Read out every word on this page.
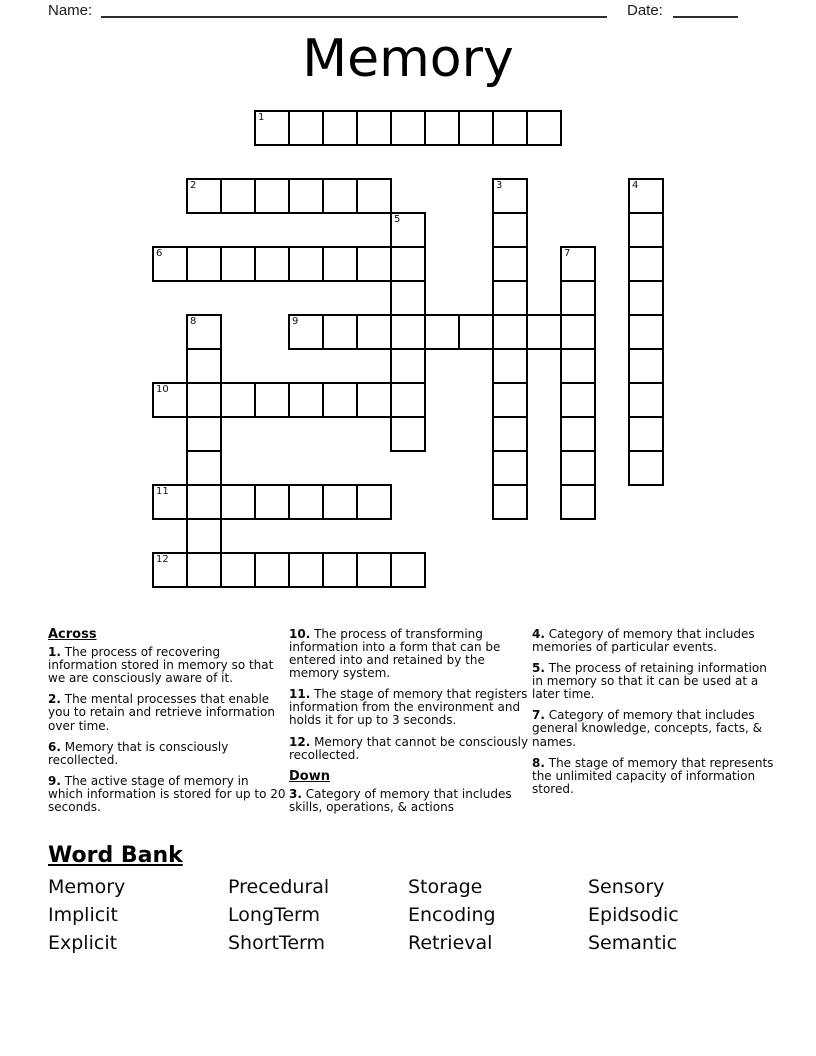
Name:	Date:
Memory
1
2	3	4
5
6	7
8	9
10
11
12
Across

1. The process of recovering information stored in memory so that we are consciously aware of it.

2. The mental processes that enable you to retain and retrieve information over time.

6. Memory that is consciously recollected.

9. The active stage of memory in which information is stored for up to 20 seconds.

10. The process of transforming information into a form that can be entered into and retained by the memory system.

11. The stage of memory that registers information from the environment and holds it for up to 3 seconds.

12. Memory that cannot be consciously recollected.

Down

3. Category of memory that includes skills, operations, & actions

4. Category of memory that includes memories of particular events.

5. The process of retaining information in memory so that it can be used at a later time.

7. Category of memory that includes general knowledge, concepts, facts, & names.

8. The stage of memory that represents the unlimited capacity of information stored.

Word Bank
Memory	Precedural	Storage	Sensory
Implicit	LongTerm	Encoding	Epidsodic
Explicit	ShortTerm	Retrieval	Semantic
